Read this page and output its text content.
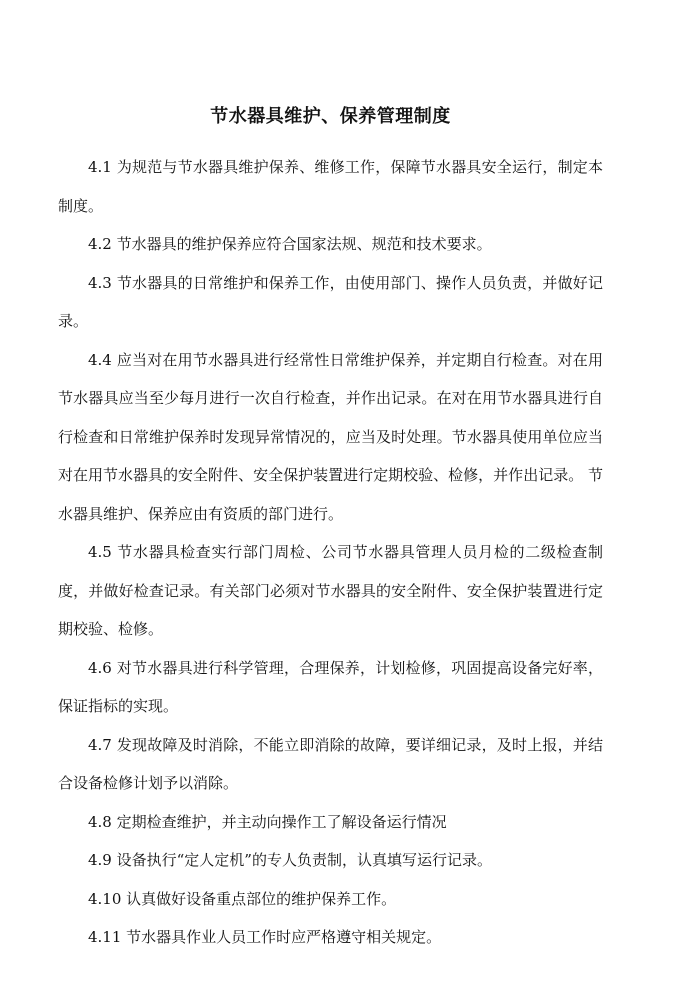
节水器具维护、保养管理制度

4.1 为规范与节水器具维护保养、维修工作，保障节水器具安全运行，制定本制度。

4.2 节水器具的维护保养应符合国家法规、规范和技术要求。

4.3 节水器具的日常维护和保养工作，由使用部门、操作人员负责，并做好记录。

4.4 应当对在用节水器具进行经常性日常维护保养，并定期自行检查。对在用节水器具应当至少每月进行一次自行检查，并作出记录。在对在用节水器具进行自行检查和日常维护保养时发现异常情况的，应当及时处理。节水器具使用单位应当对在用节水器具的安全附件、安全保护装置进行定期校验、检修，并作出记录。 节水器具维护、保养应由有资质的部门进行。

4.5 节水器具检查实行部门周检、公司节水器具管理人员月检的二级检查制度，并做好检查记录。有关部门必须对节水器具的安全附件、安全保护装置进行定期校验、检修。

4.6 对节水器具进行科学管理，合理保养，计划检修，巩固提高设备完好率，保证指标的实现。

4.7 发现故障及时消除，不能立即消除的故障，要详细记录，及时上报，并结合设备检修计划予以消除。

4.8 定期检查维护，并主动向操作工了解设备运行情况

4.9 设备执行“定人定机”的专人负责制，认真填写运行记录。

4.10 认真做好设备重点部位的维护保养工作。

4.11 节水器具作业人员工作时应严格遵守相关规定。
